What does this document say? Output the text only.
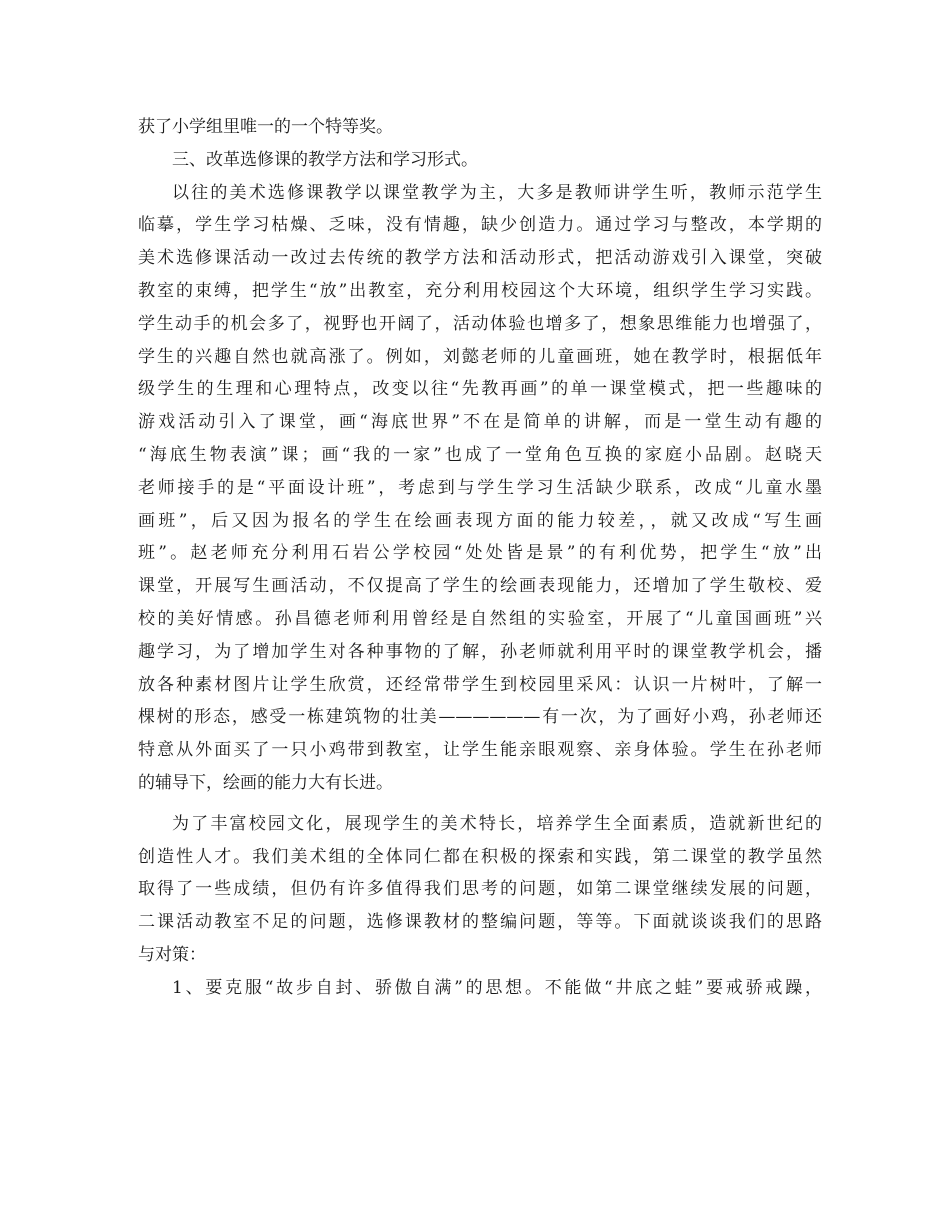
获了小学组里唯一的一个特等奖。
三、改革选修课的教学方法和学习形式。
以往的美术选修课教学以课堂教学为主，大多是教师讲学生听，教师示范学生
临摹，学生学习枯燥、乏味，没有情趣，缺少创造力。通过学习与整改，本学期的
美术选修课活动一改过去传统的教学方法和活动形式，把活动游戏引入课堂，突破
教室的束缚，把学生“放”出教室，充分利用校园这个大环境，组织学生学习实践。
学生动手的机会多了，视野也开阔了，活动体验也增多了，想象思维能力也增强了，
学生的兴趣自然也就高涨了。例如，刘懿老师的儿童画班，她在教学时，根据低年
级学生的生理和心理特点，改变以往“先教再画”的单一课堂模式，把一些趣味的
游戏活动引入了课堂，画“海底世界”不在是简单的讲解，而是一堂生动有趣的
“海底生物表演”课；画“我的一家”也成了一堂角色互换的家庭小品剧。赵晓天
老师接手的是“平面设计班”，考虑到与学生学习生活缺少联系，改成“儿童水墨
画班”，后又因为报名的学生在绘画表现方面的能力较差，，就又改成“写生画
班”。赵老师充分利用石岩公学校园“处处皆是景”的有利优势，把学生“放”出
课堂，开展写生画活动，不仅提高了学生的绘画表现能力，还增加了学生敬校、爱
校的美好情感。孙昌德老师利用曾经是自然组的实验室，开展了“儿童国画班”兴
趣学习，为了增加学生对各种事物的了解，孙老师就利用平时的课堂教学机会，播
放各种素材图片让学生欣赏，还经常带学生到校园里采风：认识一片树叶，了解一
棵树的形态，感受一栋建筑物的壮美——————有一次，为了画好小鸡，孙老师还
特意从外面买了一只小鸡带到教室，让学生能亲眼观察、亲身体验。学生在孙老师
的辅导下，绘画的能力大有长进。
为了丰富校园文化，展现学生的美术特长，培养学生全面素质，造就新世纪的
创造性人才。我们美术组的全体同仁都在积极的探索和实践，第二课堂的教学虽然
取得了一些成绩，但仍有许多值得我们思考的问题，如第二课堂继续发展的问题，
二课活动教室不足的问题，选修课教材的整编问题，等等。下面就谈谈我们的思路
与对策：
1、要克服“故步自封、骄傲自满”的思想。不能做“井底之蛙”要戒骄戒躁，
